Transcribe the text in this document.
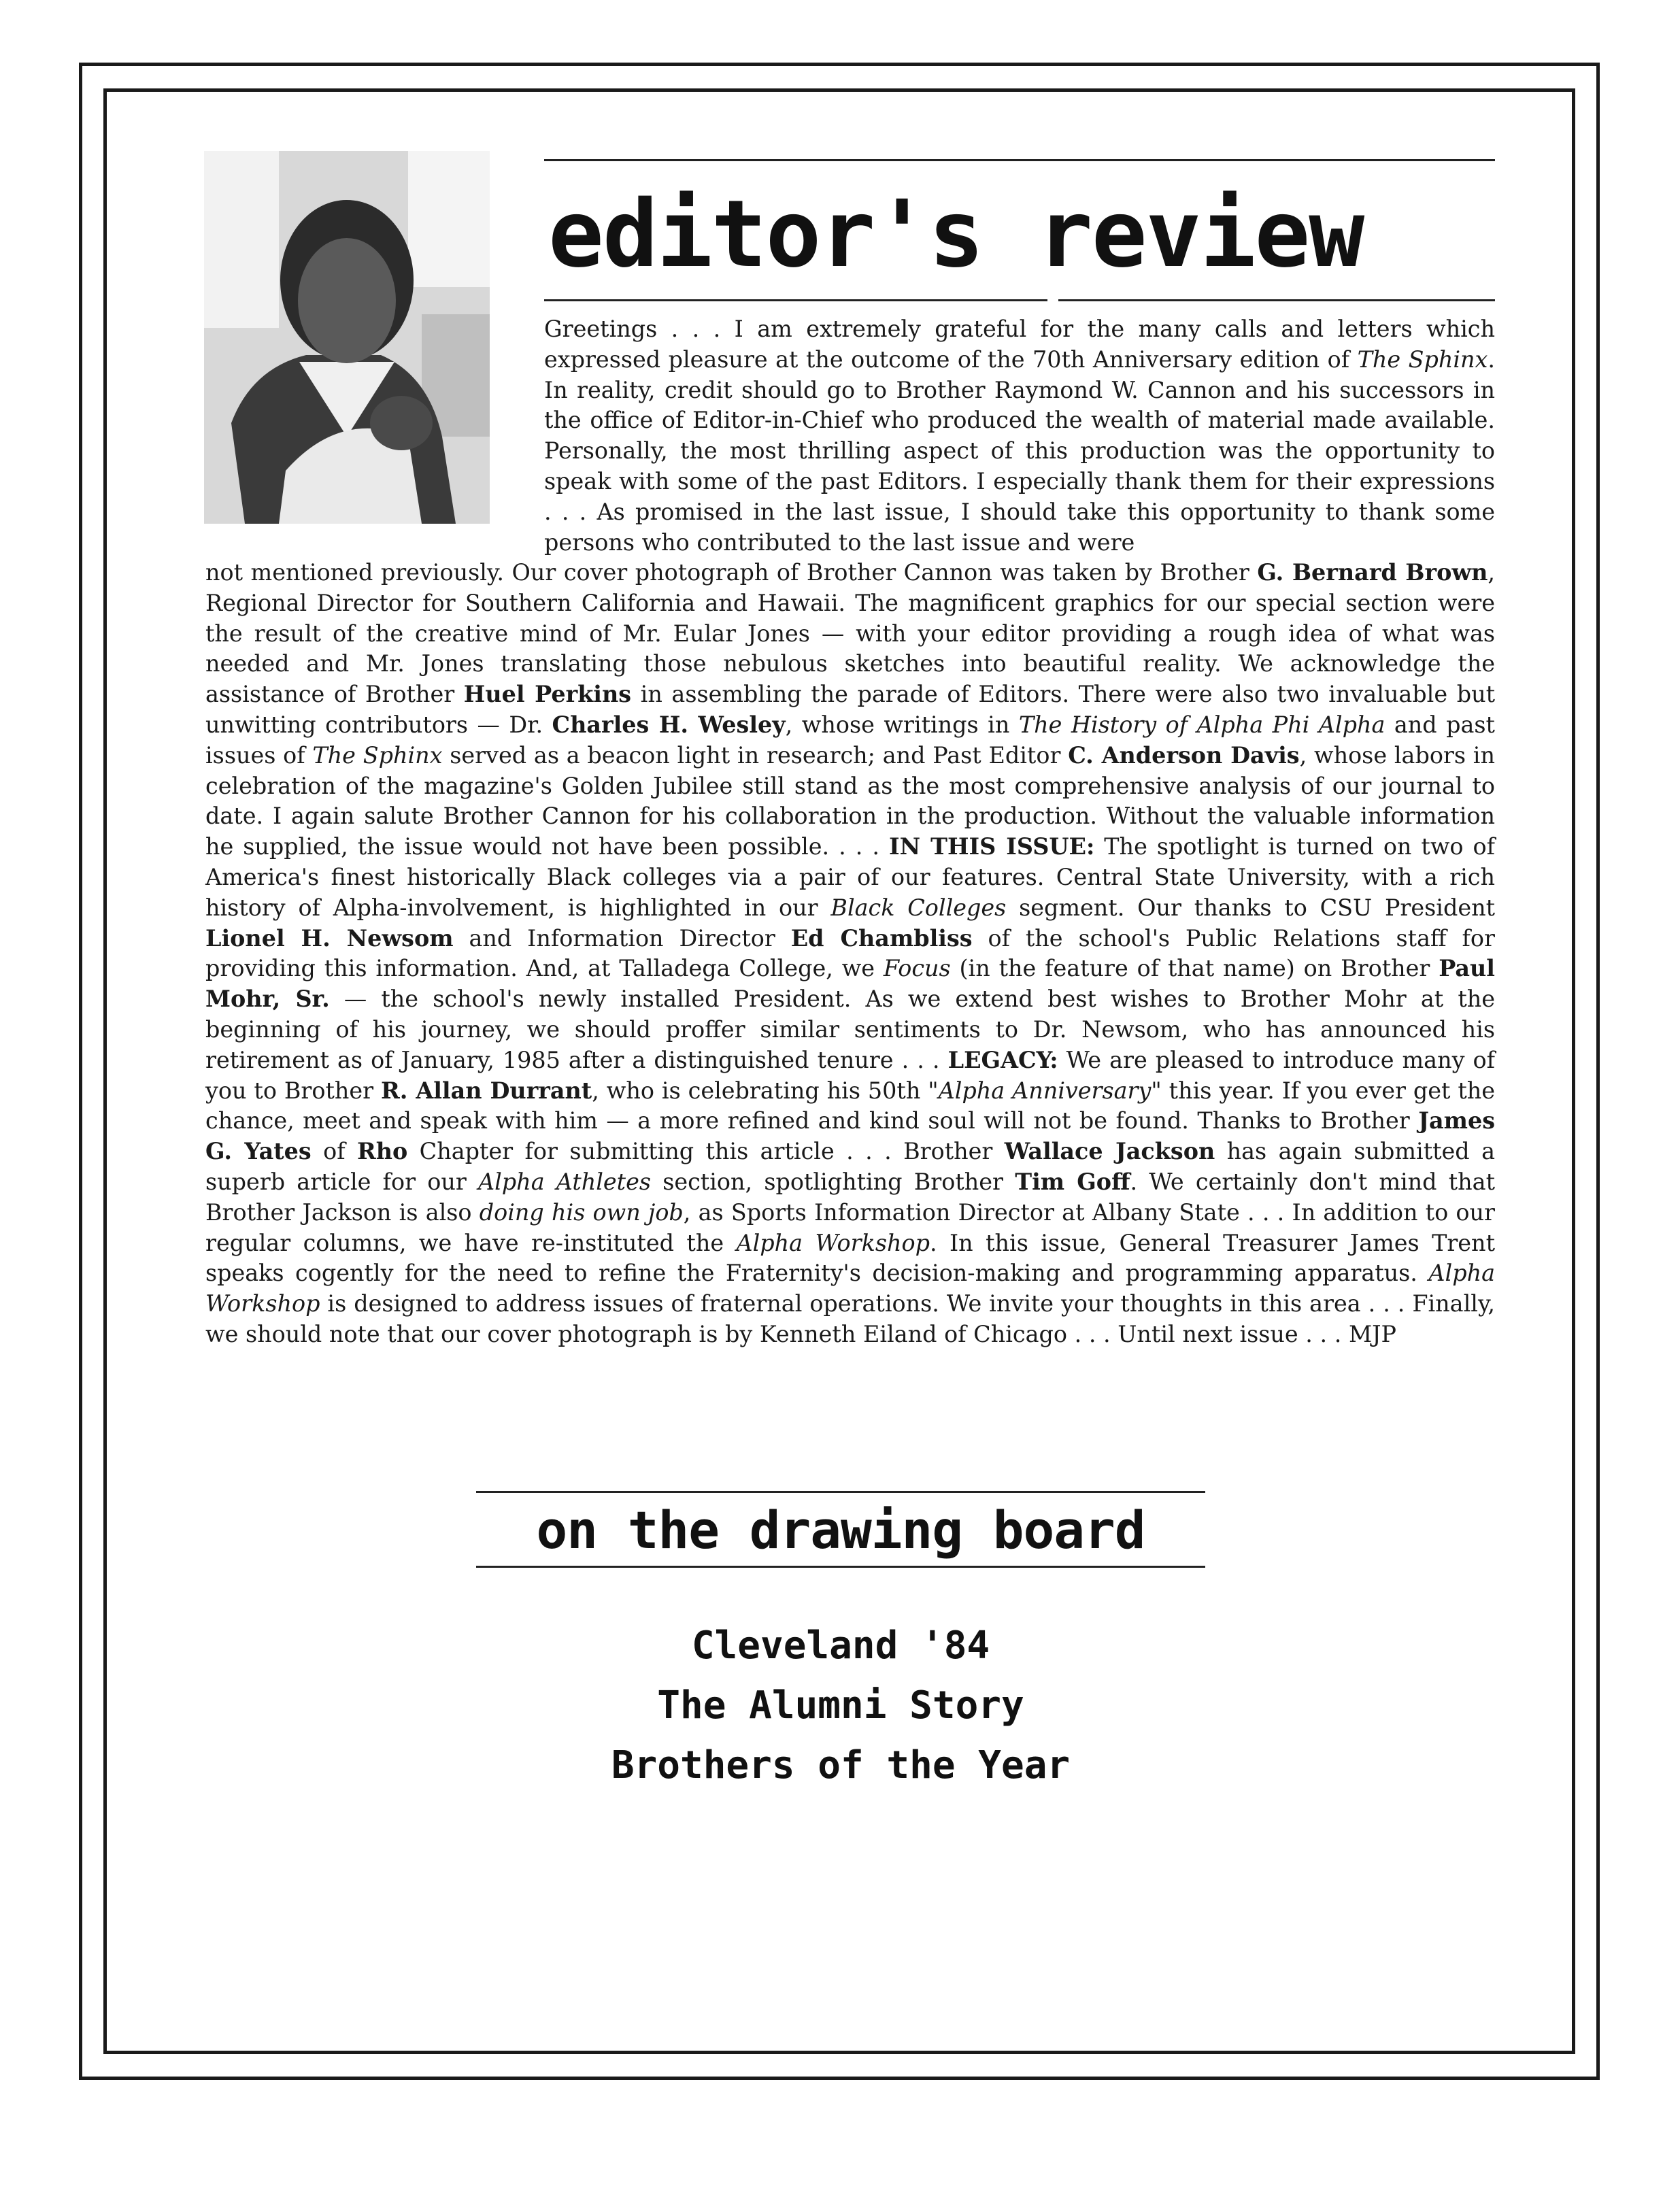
editor's review

Greetings . . . I am extremely grateful for the many calls and letters which expressed pleasure at the outcome of the 70th Anniversary edition of The Sphinx. In reality, credit should go to Brother Raymond W. Cannon and his successors in the office of Editor-in-Chief who produced the wealth of material made available. Personally, the most thrilling aspect of this production was the opportunity to speak with some of the past Editors. I especially thank them for their expressions . . . As promised in the last issue, I should take this opportunity to thank some persons who contributed to the last issue and were

not mentioned previously. Our cover photograph of Brother Cannon was taken by Brother G. Bernard Brown, Regional Director for Southern California and Hawaii. The magnificent graphics for our special section were the result of the creative mind of Mr. Eular Jones — with your editor providing a rough idea of what was needed and Mr. Jones translating those nebulous sketches into beautiful reality. We acknowledge the assistance of Brother Huel Perkins in assembling the parade of Editors. There were also two invaluable but unwitting contributors — Dr. Charles H. Wesley, whose writings in The History of Alpha Phi Alpha and past issues of The Sphinx served as a beacon light in research; and Past Editor C. Anderson Davis, whose labors in celebration of the magazine's Golden Jubilee still stand as the most comprehensive analysis of our journal to date. I again salute Brother Cannon for his collaboration in the production. Without the valuable information he supplied, the issue would not have been possible. . . . IN THIS ISSUE: The spotlight is turned on two of America's finest historically Black colleges via a pair of our features. Central State University, with a rich history of Alpha-involvement, is highlighted in our Black Colleges segment. Our thanks to CSU President Lionel H. Newsom and Information Director Ed Chambliss of the school's Public Relations staff for providing this information. And, at Talladega College, we Focus (in the feature of that name) on Brother Paul Mohr, Sr. — the school's newly installed President. As we extend best wishes to Brother Mohr at the beginning of his journey, we should proffer similar sentiments to Dr. Newsom, who has announced his retirement as of January, 1985 after a distinguished tenure . . . LEGACY: We are pleased to introduce many of you to Brother R. Allan Durrant, who is celebrating his 50th "Alpha Anniversary" this year. If you ever get the chance, meet and speak with him — a more refined and kind soul will not be found. Thanks to Brother James G. Yates of Rho Chapter for submitting this article . . . Brother Wallace Jackson has again submitted a superb article for our Alpha Athletes section, spotlighting Brother Tim Goff. We certainly don't mind that Brother Jackson is also doing his own job, as Sports Information Director at Albany State . . . In addition to our regular columns, we have re-instituted the Alpha Workshop. In this issue, General Treasurer James Trent speaks cogently for the need to refine the Fraternity's decision-making and programming apparatus. Alpha Workshop is designed to address issues of fraternal operations. We invite your thoughts in this area . . . Finally, we should note that our cover photograph is by Kenneth Eiland of Chicago . . . Until next issue . . . MJP

on the drawing board
Cleveland '84
The Alumni Story
Brothers of the Year
